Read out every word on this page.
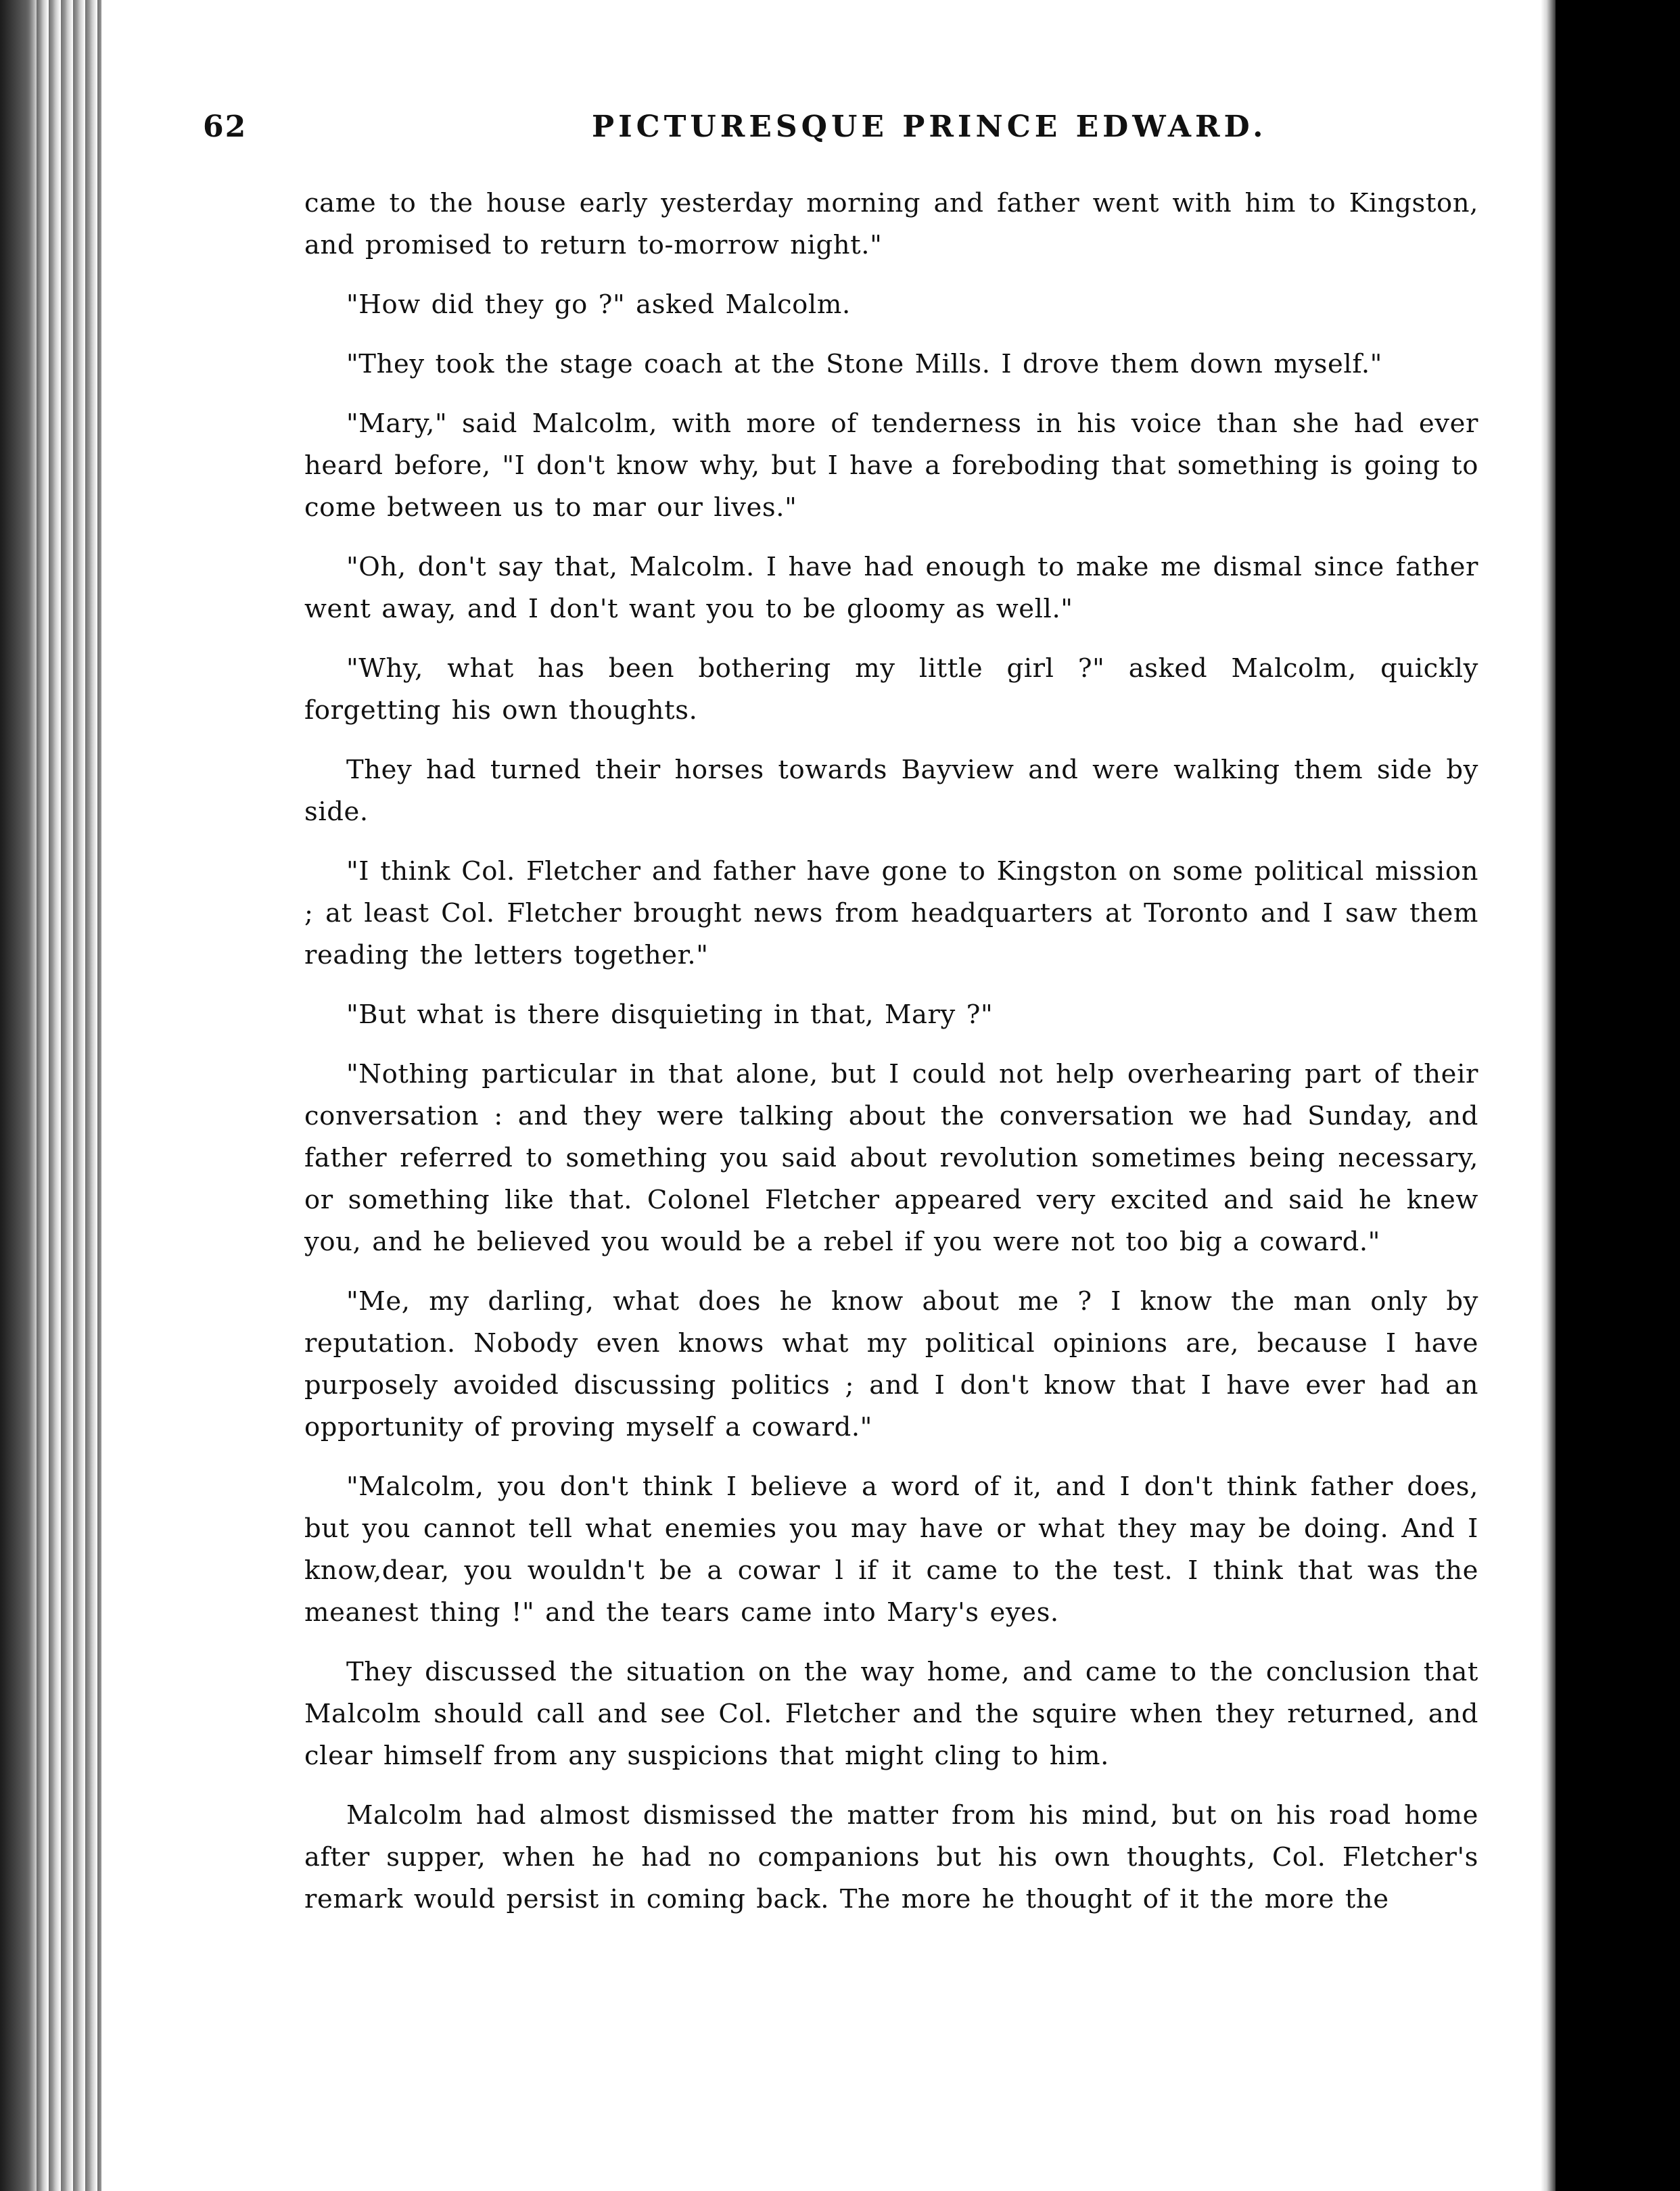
62	PICTURESQUE PRINCE EDWARD.

came to the house early yesterday morning and father went with him to Kingston, and promised to return to-morrow night."

"How did they go ?" asked Malcolm.

"They took the stage coach at the Stone Mills. I drove them down myself."

"Mary," said Malcolm, with more of tenderness in his voice than she had ever heard before, "I don't know why, but I have a foreboding that something is going to come between us to mar our lives."

"Oh, don't say that, Malcolm. I have had enough to make me dismal since father went away, and I don't want you to be gloomy as well."

"Why, what has been bothering my little girl ?" asked Malcolm, quickly forgetting his own thoughts.

They had turned their horses towards Bayview and were walking them side by side.

"I think Col. Fletcher and father have gone to Kingston on some political mission ; at least Col. Fletcher brought news from headquarters at Toronto and I saw them reading the letters together."

"But what is there disquieting in that, Mary ?"

"Nothing particular in that alone, but I could not help overhearing part of their conversation : and they were talking about the conversation we had Sunday, and father referred to something you said about revolution sometimes being necessary, or something like that. Colonel Fletcher appeared very excited and said he knew you, and he believed you would be a rebel if you were not too big a coward."

"Me, my darling, what does he know about me ? I know the man only by reputation. Nobody even knows what my political opinions are, because I have purposely avoided discussing politics ; and I don't know that I have ever had an opportunity of proving myself a coward."

"Malcolm, you don't think I believe a word of it, and I don't think father does, but you cannot tell what enemies you may have or what they may be doing. And I know,dear, you wouldn't be a cowar l if it came to the test. I think that was the meanest thing !" and the tears came into Mary's eyes.

They discussed the situation on the way home, and came to the conclusion that Malcolm should call and see Col. Fletcher and the squire when they returned, and clear himself from any suspicions that might cling to him.

Malcolm had almost dismissed the matter from his mind, but on his road home after supper, when he had no companions but his own thoughts, Col. Fletcher's remark would persist in coming back. The more he thought of it the more the
